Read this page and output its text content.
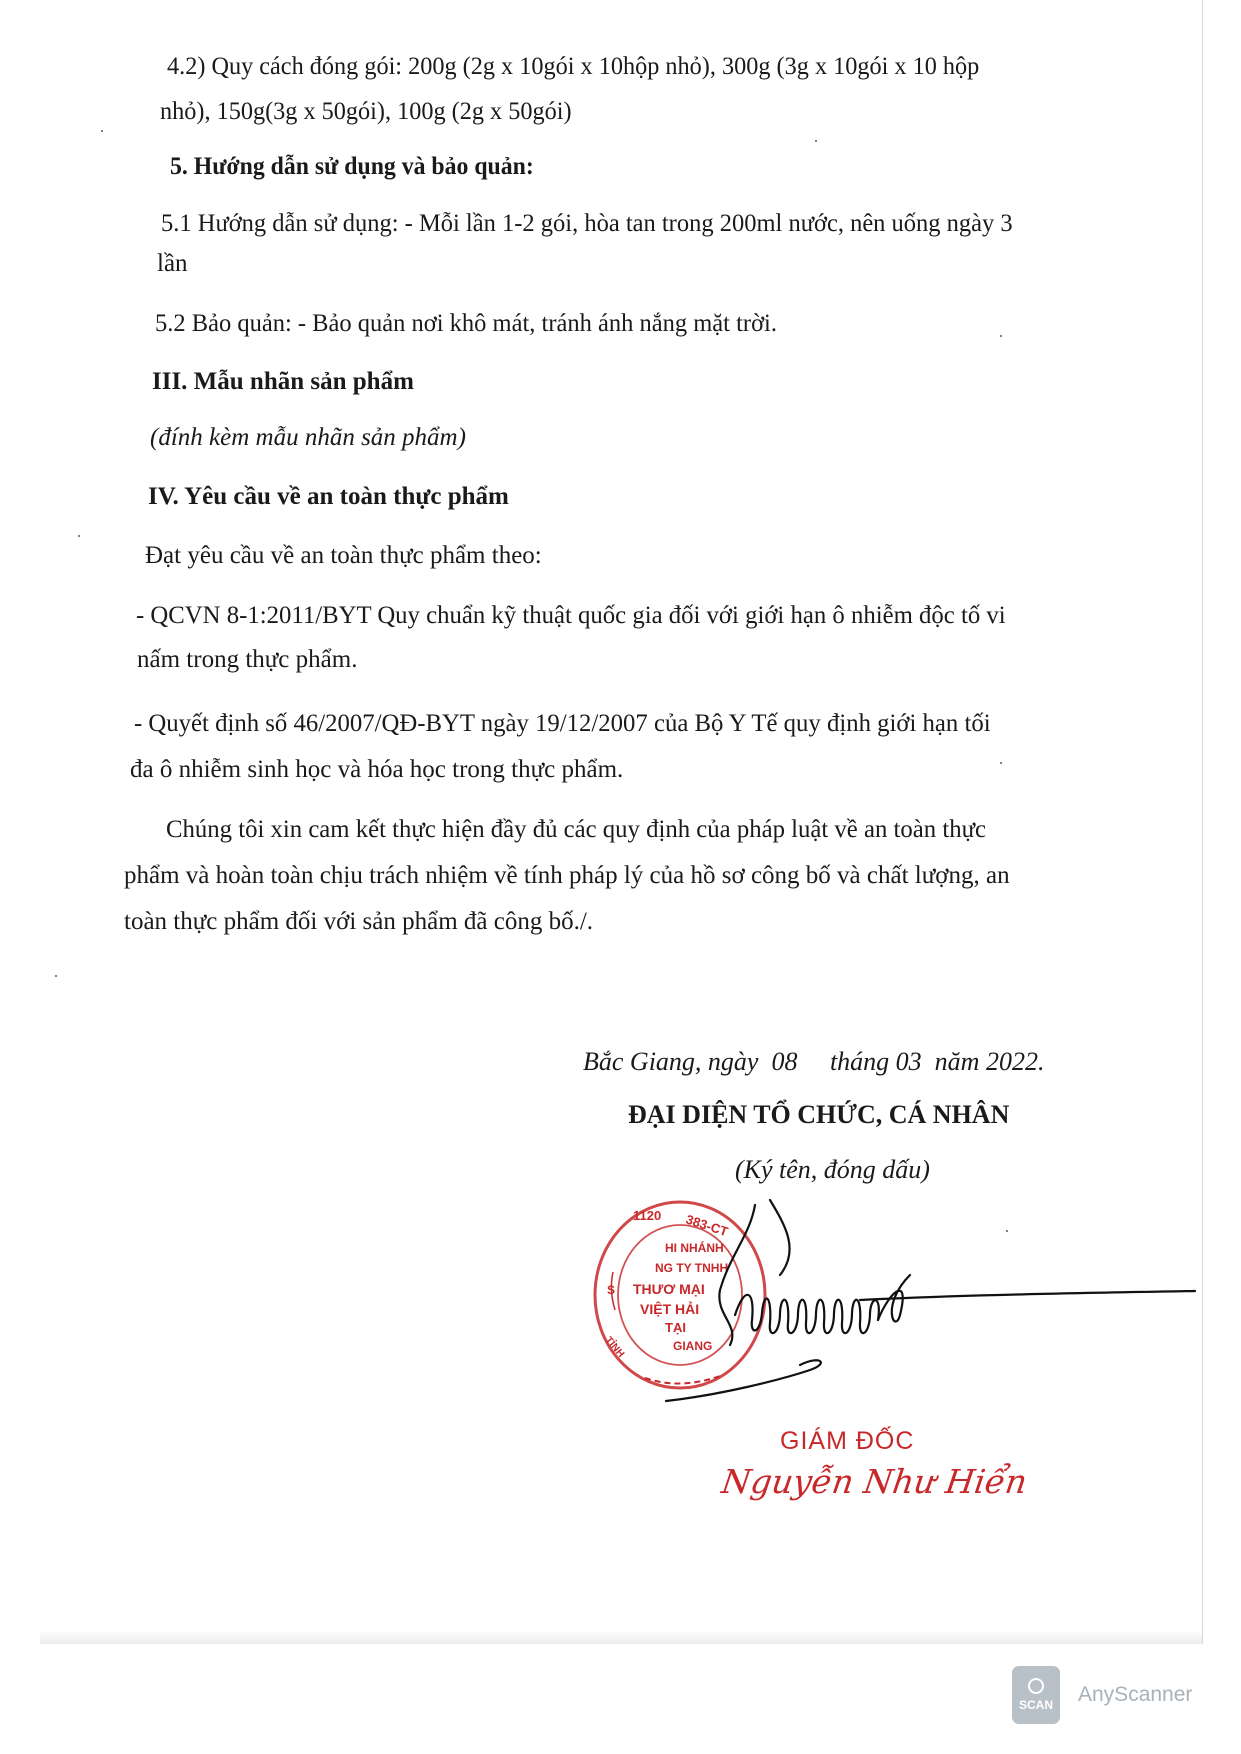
4.2) Quy cách đóng gói: 200g (2g x 10gói x 10hộp nhỏ), 300g (3g x 10gói x 10 hộp
nhỏ), 150g(3g x 50gói), 100g (2g x 50gói)
5. Hướng dẫn sử dụng và bảo quản:
5.1 Hướng dẫn sử dụng: - Mỗi lần 1-2 gói, hòa tan trong 200ml nước, nên uống ngày 3
lần
5.2 Bảo quản: - Bảo quản nơi khô mát, tránh ánh nắng mặt trời.
III. Mẫu nhãn sản phẩm
(đính kèm mẫu nhãn sản phẩm)
IV. Yêu cầu về an toàn thực phẩm
Đạt yêu cầu về an toàn thực phẩm theo:
- QCVN 8-1:2011/BYT Quy chuẩn kỹ thuật quốc gia đối với giới hạn ô nhiễm độc tố vi
nấm trong thực phẩm.
- Quyết định số 46/2007/QĐ-BYT ngày 19/12/2007 của Bộ Y Tế quy định giới hạn tối
đa ô nhiễm sinh học và hóa học trong thực phẩm.
Chúng tôi xin cam kết thực hiện đầy đủ các quy định của pháp luật về an toàn thực
phẩm và hoàn toàn chịu trách nhiệm về tính pháp lý của hồ sơ công bố và chất lượng, an
toàn thực phẩm đối với sản phẩm đã công bố./.
Bắc Giang, ngày  08     tháng 03  năm 2022.
ĐẠI DIỆN TỔ CHỨC, CÁ NHÂN
(Ký tên, đóng dấu)
1120 383-CT
HI NHÁNH
NG TY TNHH
THƯƠ MẠI
VIỆT HẢI
TẠI
GIANG
S
TỈNH
GIÁM ĐỐC
Nguyễn Như Hiển
SCAN AnyScanner
